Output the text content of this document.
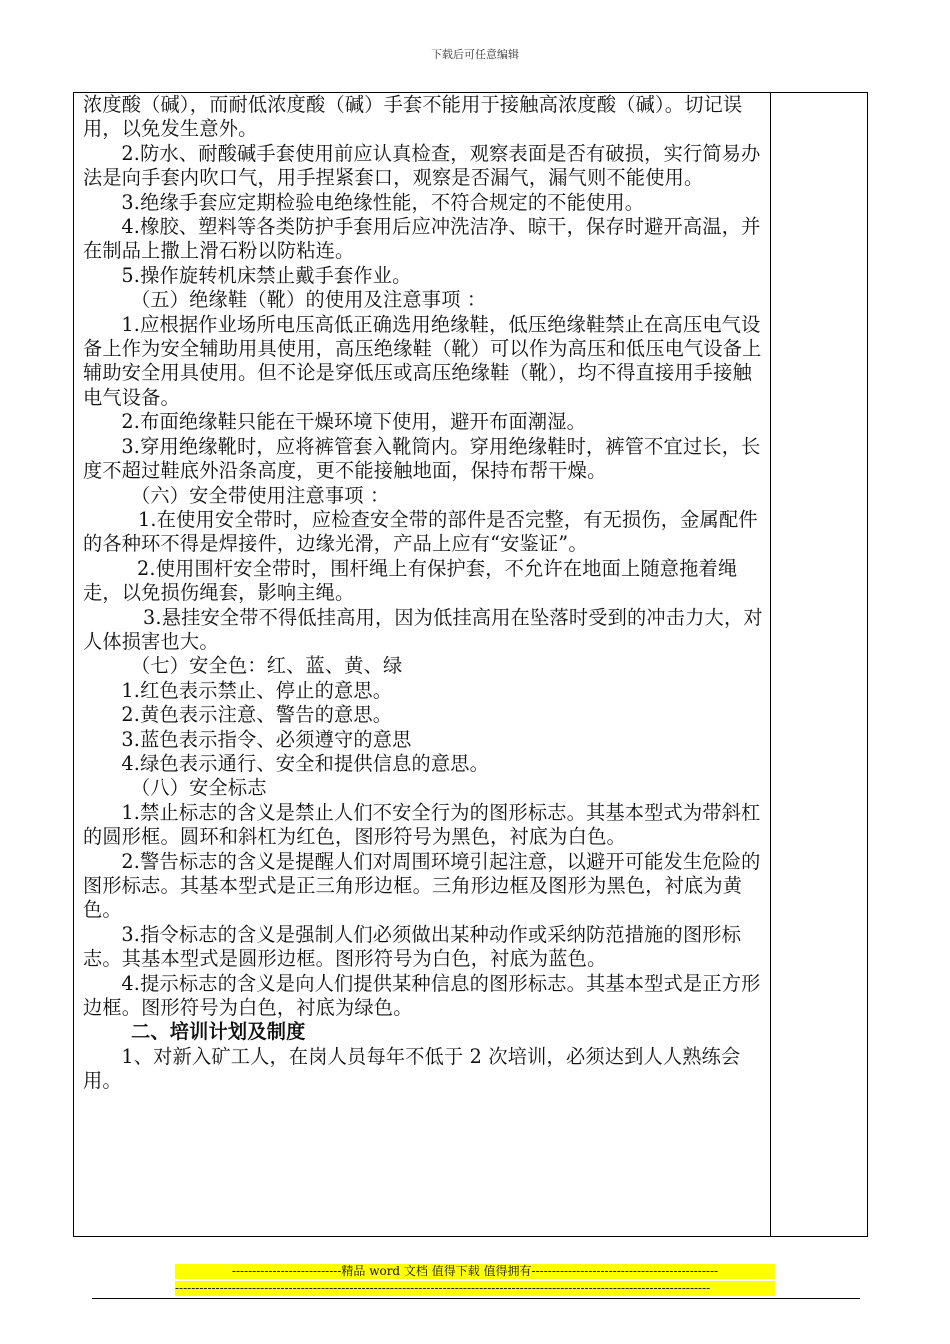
下载后可任意编辑

浓度酸（碱），而耐低浓度酸（碱）手套不能用于接触高浓度酸（碱）。切记误用，以免发生意外。

2.防水、耐酸碱手套使用前应认真检查，观察表面是否有破损，实行简易办法是向手套内吹口气，用手捏紧套口，观察是否漏气，漏气则不能使用。

3.绝缘手套应定期检验电绝缘性能，不符合规定的不能使用。

4.橡胶、塑料等各类防护手套用后应冲洗洁净、晾干，保存时避开高温，并在制品上撒上滑石粉以防粘连。

5.操作旋转机床禁止戴手套作业。

（五）绝缘鞋（靴）的使用及注意事项 ：

1.应根据作业场所电压高低正确选用绝缘鞋，低压绝缘鞋禁止在高压电气设备上作为安全辅助用具使用，高压绝缘鞋（靴）可以作为高压和低压电气设备上辅助安全用具使用。但不论是穿低压或高压绝缘鞋（靴），均不得直接用手接触电气设备。

2.布面绝缘鞋只能在干燥环境下使用，避开布面潮湿。

3.穿用绝缘靴时，应将裤管套入靴筒内。穿用绝缘鞋时，裤管不宜过长，长度不超过鞋底外沿条高度，更不能接触地面，保持布帮干燥。

（六）安全带使用注意事项 ：

1.在使用安全带时，应检查安全带的部件是否完整，有无损伤，金属配件的各种环不得是焊接件，边缘光滑，产品上应有“安鉴证”。

2.使用围杆安全带时，围杆绳上有保护套，不允许在地面上随意拖着绳走，以免损伤绳套，影响主绳。

3.悬挂安全带不得低挂高用，因为低挂高用在坠落时受到的冲击力大，对人体损害也大。

（七）安全色：红、蓝、黄、绿

1.红色表示禁止、停止的意思。

2.黄色表示注意、警告的意思。

3.蓝色表示指令、必须遵守的意思

4.绿色表示通行、安全和提供信息的意思。

（八）安全标志

1.禁止标志的含义是禁止人们不安全行为的图形标志。其基本型式为带斜杠的圆形框。圆环和斜杠为红色，图形符号为黑色，衬底为白色。

2.警告标志的含义是提醒人们对周围环境引起注意，以避开可能发生危险的图形标志。其基本型式是正三角形边框。三角形边框及图形为黑色，衬底为黄色。

3.指令标志的含义是强制人们必须做出某种动作或采纳防范措施的图形标志。其基本型式是圆形边框。图形符号为白色，衬底为蓝色。

4.提示标志的含义是向人们提供某种信息的图形标志。其基本型式是正方形边框。图形符号为白色，衬底为绿色。

二、培训计划及制度

1、对新入矿工人，在岗人员每年不低于 2 次培训，必须达到人人熟练会用。

---------------------------精品 word 文档 值得下载 值得拥有----------------------------------------------
------------------------------------------------------------------------------------------------------------------------------------
